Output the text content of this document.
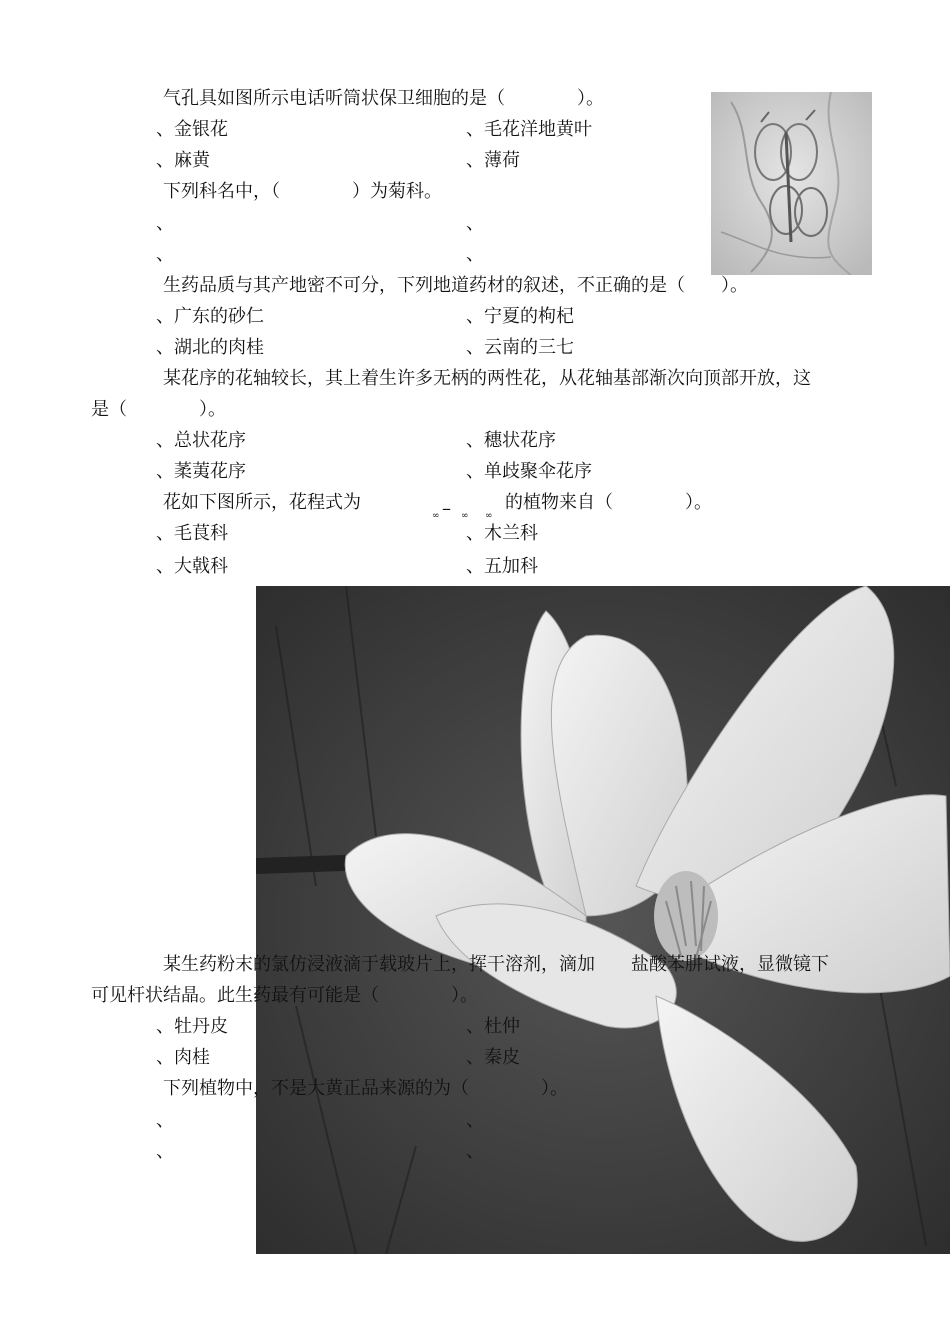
气孔具如图所示电话听筒状保卫细胞的是（　　　　）。
、金银花	、毛花洋地黄叶
、麻黄	、薄荷
下列科名中，（　　　　）为菊科。
、	、
、	、
生药品质与其产地密不可分，下列地道药材的叙述，不正确的是（　　）。
、广东的砂仁	、宁夏的枸杞
、湖北的肉桂	、云南的三七
某花序的花轴较长，其上着生许多无柄的两性花，从花轴基部渐次向顶部开放，这
是（　　　　）。
、总状花序	、穗状花序
、葇荑花序	、单歧聚伞花序
花如下图所示，花程式为
∞ – ∞ ∞
的植物来自（　　　　）。
、毛茛科	、木兰科
、大戟科	、五加科
某生药粉末的氯仿浸液滴于载玻片上，挥干溶剂，滴加　　盐酸苯肼试液，显微镜下
可见杆状结晶。此生药最有可能是（　　　　）。
、牡丹皮	、杜仲
、肉桂	、秦皮
下列植物中，不是大黄正品来源的为（　　　　）。
、	、
、	、
